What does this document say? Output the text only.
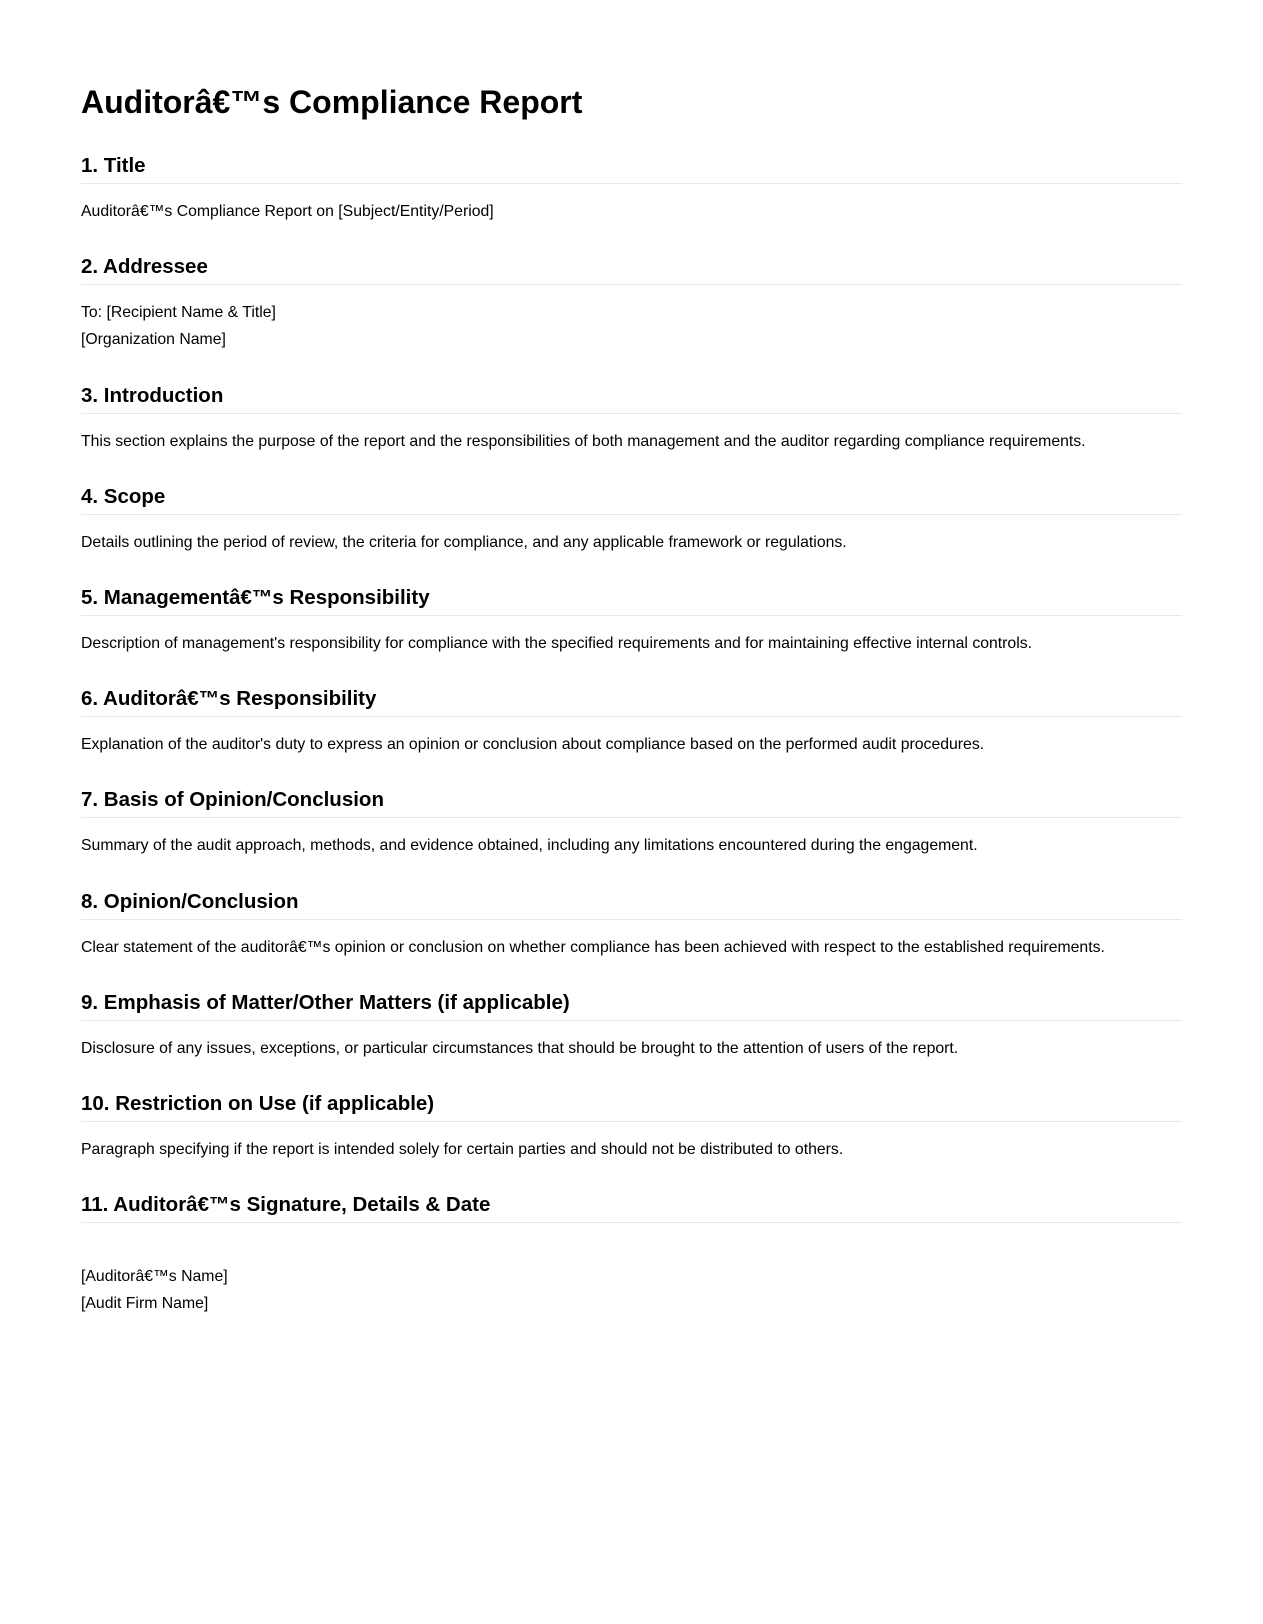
Auditorâ€™s Compliance Report
1. Title
Auditorâ€™s Compliance Report on [Subject/Entity/Period]
2. Addressee
To: [Recipient Name & Title]
[Organization Name]
3. Introduction
This section explains the purpose of the report and the responsibilities of both management and the auditor regarding compliance requirements.
4. Scope
Details outlining the period of review, the criteria for compliance, and any applicable framework or regulations.
5. Managementâ€™s Responsibility
Description of management's responsibility for compliance with the specified requirements and for maintaining effective internal controls.
6. Auditorâ€™s Responsibility
Explanation of the auditor's duty to express an opinion or conclusion about compliance based on the performed audit procedures.
7. Basis of Opinion/Conclusion
Summary of the audit approach, methods, and evidence obtained, including any limitations encountered during the engagement.
8. Opinion/Conclusion
Clear statement of the auditorâ€™s opinion or conclusion on whether compliance has been achieved with respect to the established requirements.
9. Emphasis of Matter/Other Matters (if applicable)
Disclosure of any issues, exceptions, or particular circumstances that should be brought to the attention of users of the report.
10. Restriction on Use (if applicable)
Paragraph specifying if the report is intended solely for certain parties and should not be distributed to others.
11. Auditorâ€™s Signature, Details & Date
[Auditorâ€™s Name]
[Audit Firm Name]
